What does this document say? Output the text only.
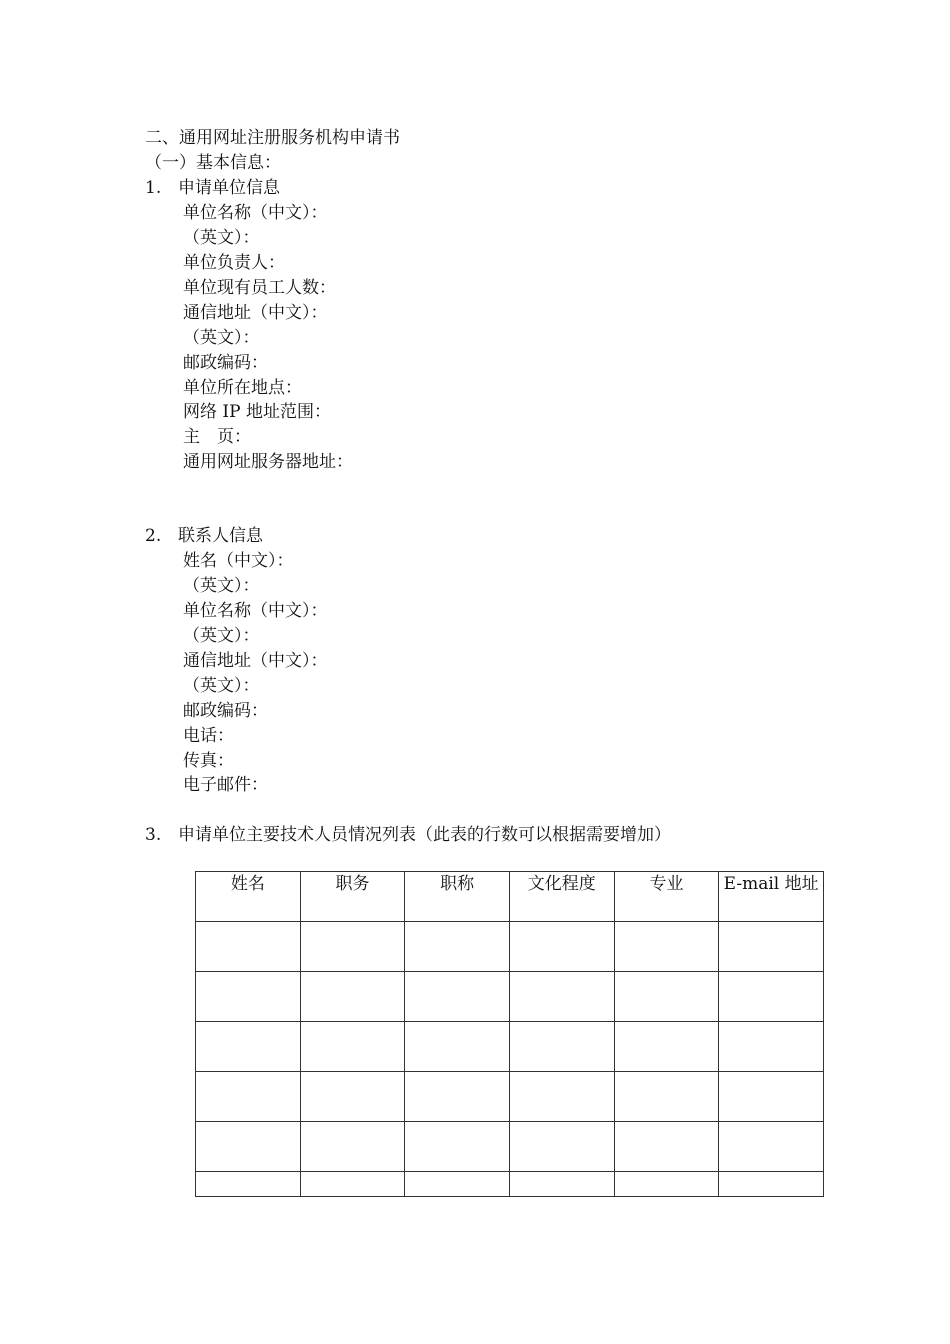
二、通用网址注册服务机构申请书
（一）基本信息：
1. 申请单位信息
单位名称（中文）：
（英文）：
单位负责人：
单位现有员工人数：
通信地址（中文）：
（英文）：
邮政编码：
单位所在地点：
网络 IP 地址范围：
主　页：
通用网址服务器地址：
2. 联系人信息
姓名（中文）：
（英文）：
单位名称（中文）：
（英文）：
通信地址（中文）：
（英文）：
邮政编码：
电话：
传真：
电子邮件：
3. 申请单位主要技术人员情况列表（此表的行数可以根据需要增加）
姓名	职务	职称	文化程度	专业	E-mail 地址
